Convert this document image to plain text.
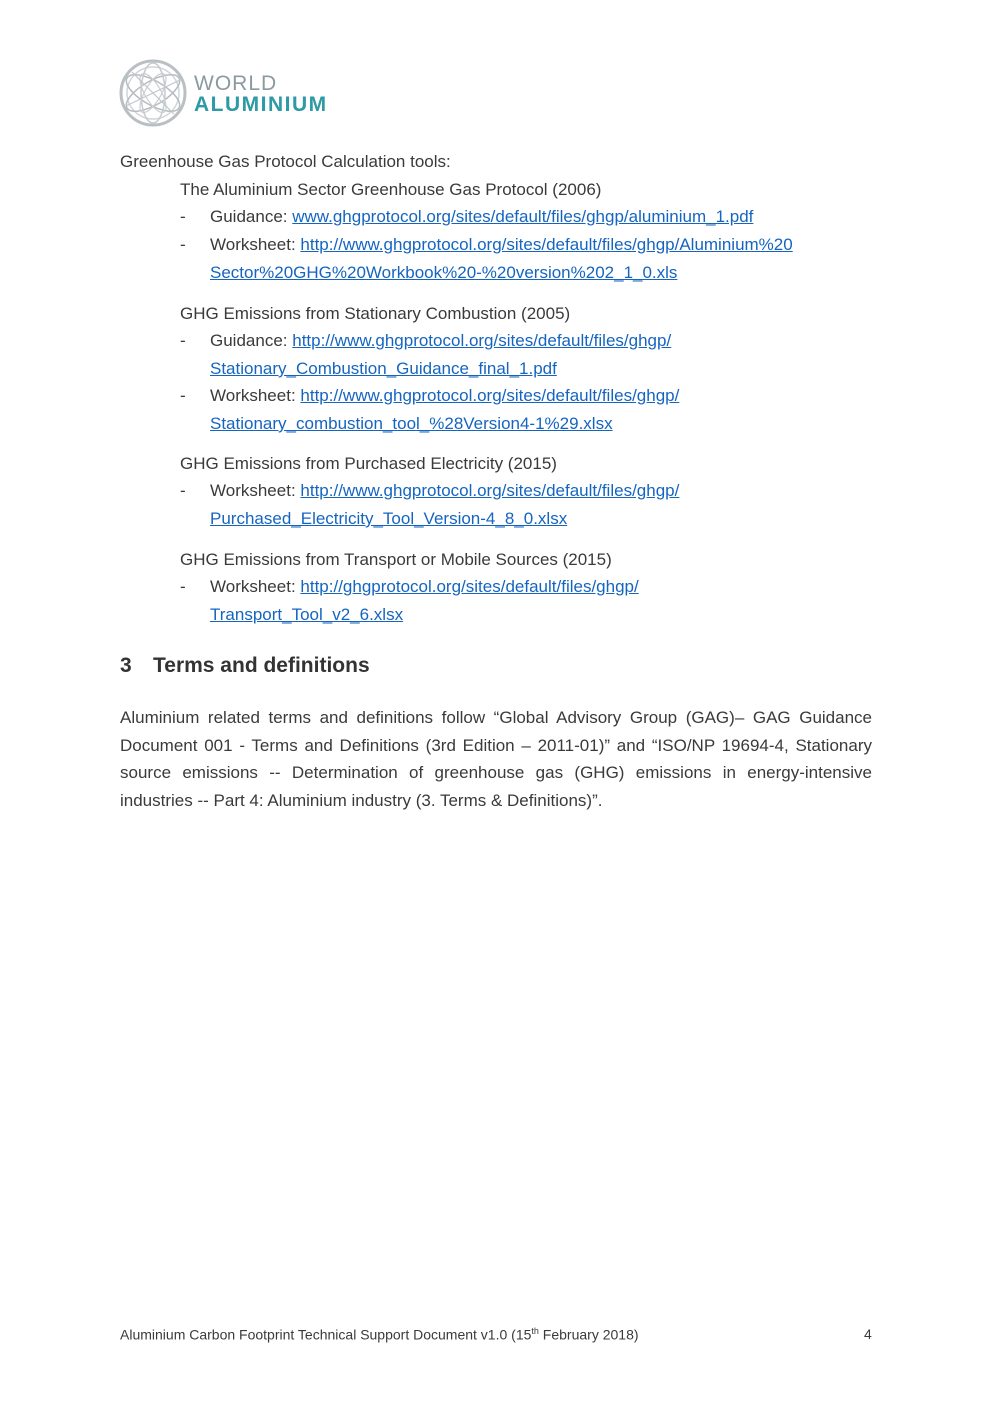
WORLD
ALUMINIUM
Greenhouse Gas Protocol Calculation tools:
The Aluminium Sector Greenhouse Gas Protocol (2006)
- Guidance: www.ghgprotocol.org/sites/default/files/ghgp/aluminium_1.pdf
- Worksheet: http://www.ghgprotocol.org/sites/default/files/ghgp/Aluminium%20
Sector%20GHG%20Workbook%20-%20version%202_1_0.xls
GHG Emissions from Stationary Combustion (2005)
- Guidance: http://www.ghgprotocol.org/sites/default/files/ghgp/
Stationary_Combustion_Guidance_final_1.pdf
- Worksheet: http://www.ghgprotocol.org/sites/default/files/ghgp/
Stationary_combustion_tool_%28Version4-1%29.xlsx
GHG Emissions from Purchased Electricity (2015)
- Worksheet: http://www.ghgprotocol.org/sites/default/files/ghgp/
Purchased_Electricity_Tool_Version-4_8_0.xlsx
GHG Emissions from Transport or Mobile Sources (2015)
- Worksheet: http://ghgprotocol.org/sites/default/files/ghgp/
Transport_Tool_v2_6.xlsx
3 Terms and definitions
Aluminium related terms and definitions follow “Global Advisory Group (GAG)– GAG Guidance Document 001 - Terms and Definitions (3rd Edition – 2011-01)” and “ISO/NP 19694-4, Stationary source emissions -- Determination of greenhouse gas (GHG) emissions in energy-intensive industries -- Part 4: Aluminium industry (3. Terms & Definitions)”.
Aluminium Carbon Footprint Technical Support Document v1.0 (15th February 2018)	4
